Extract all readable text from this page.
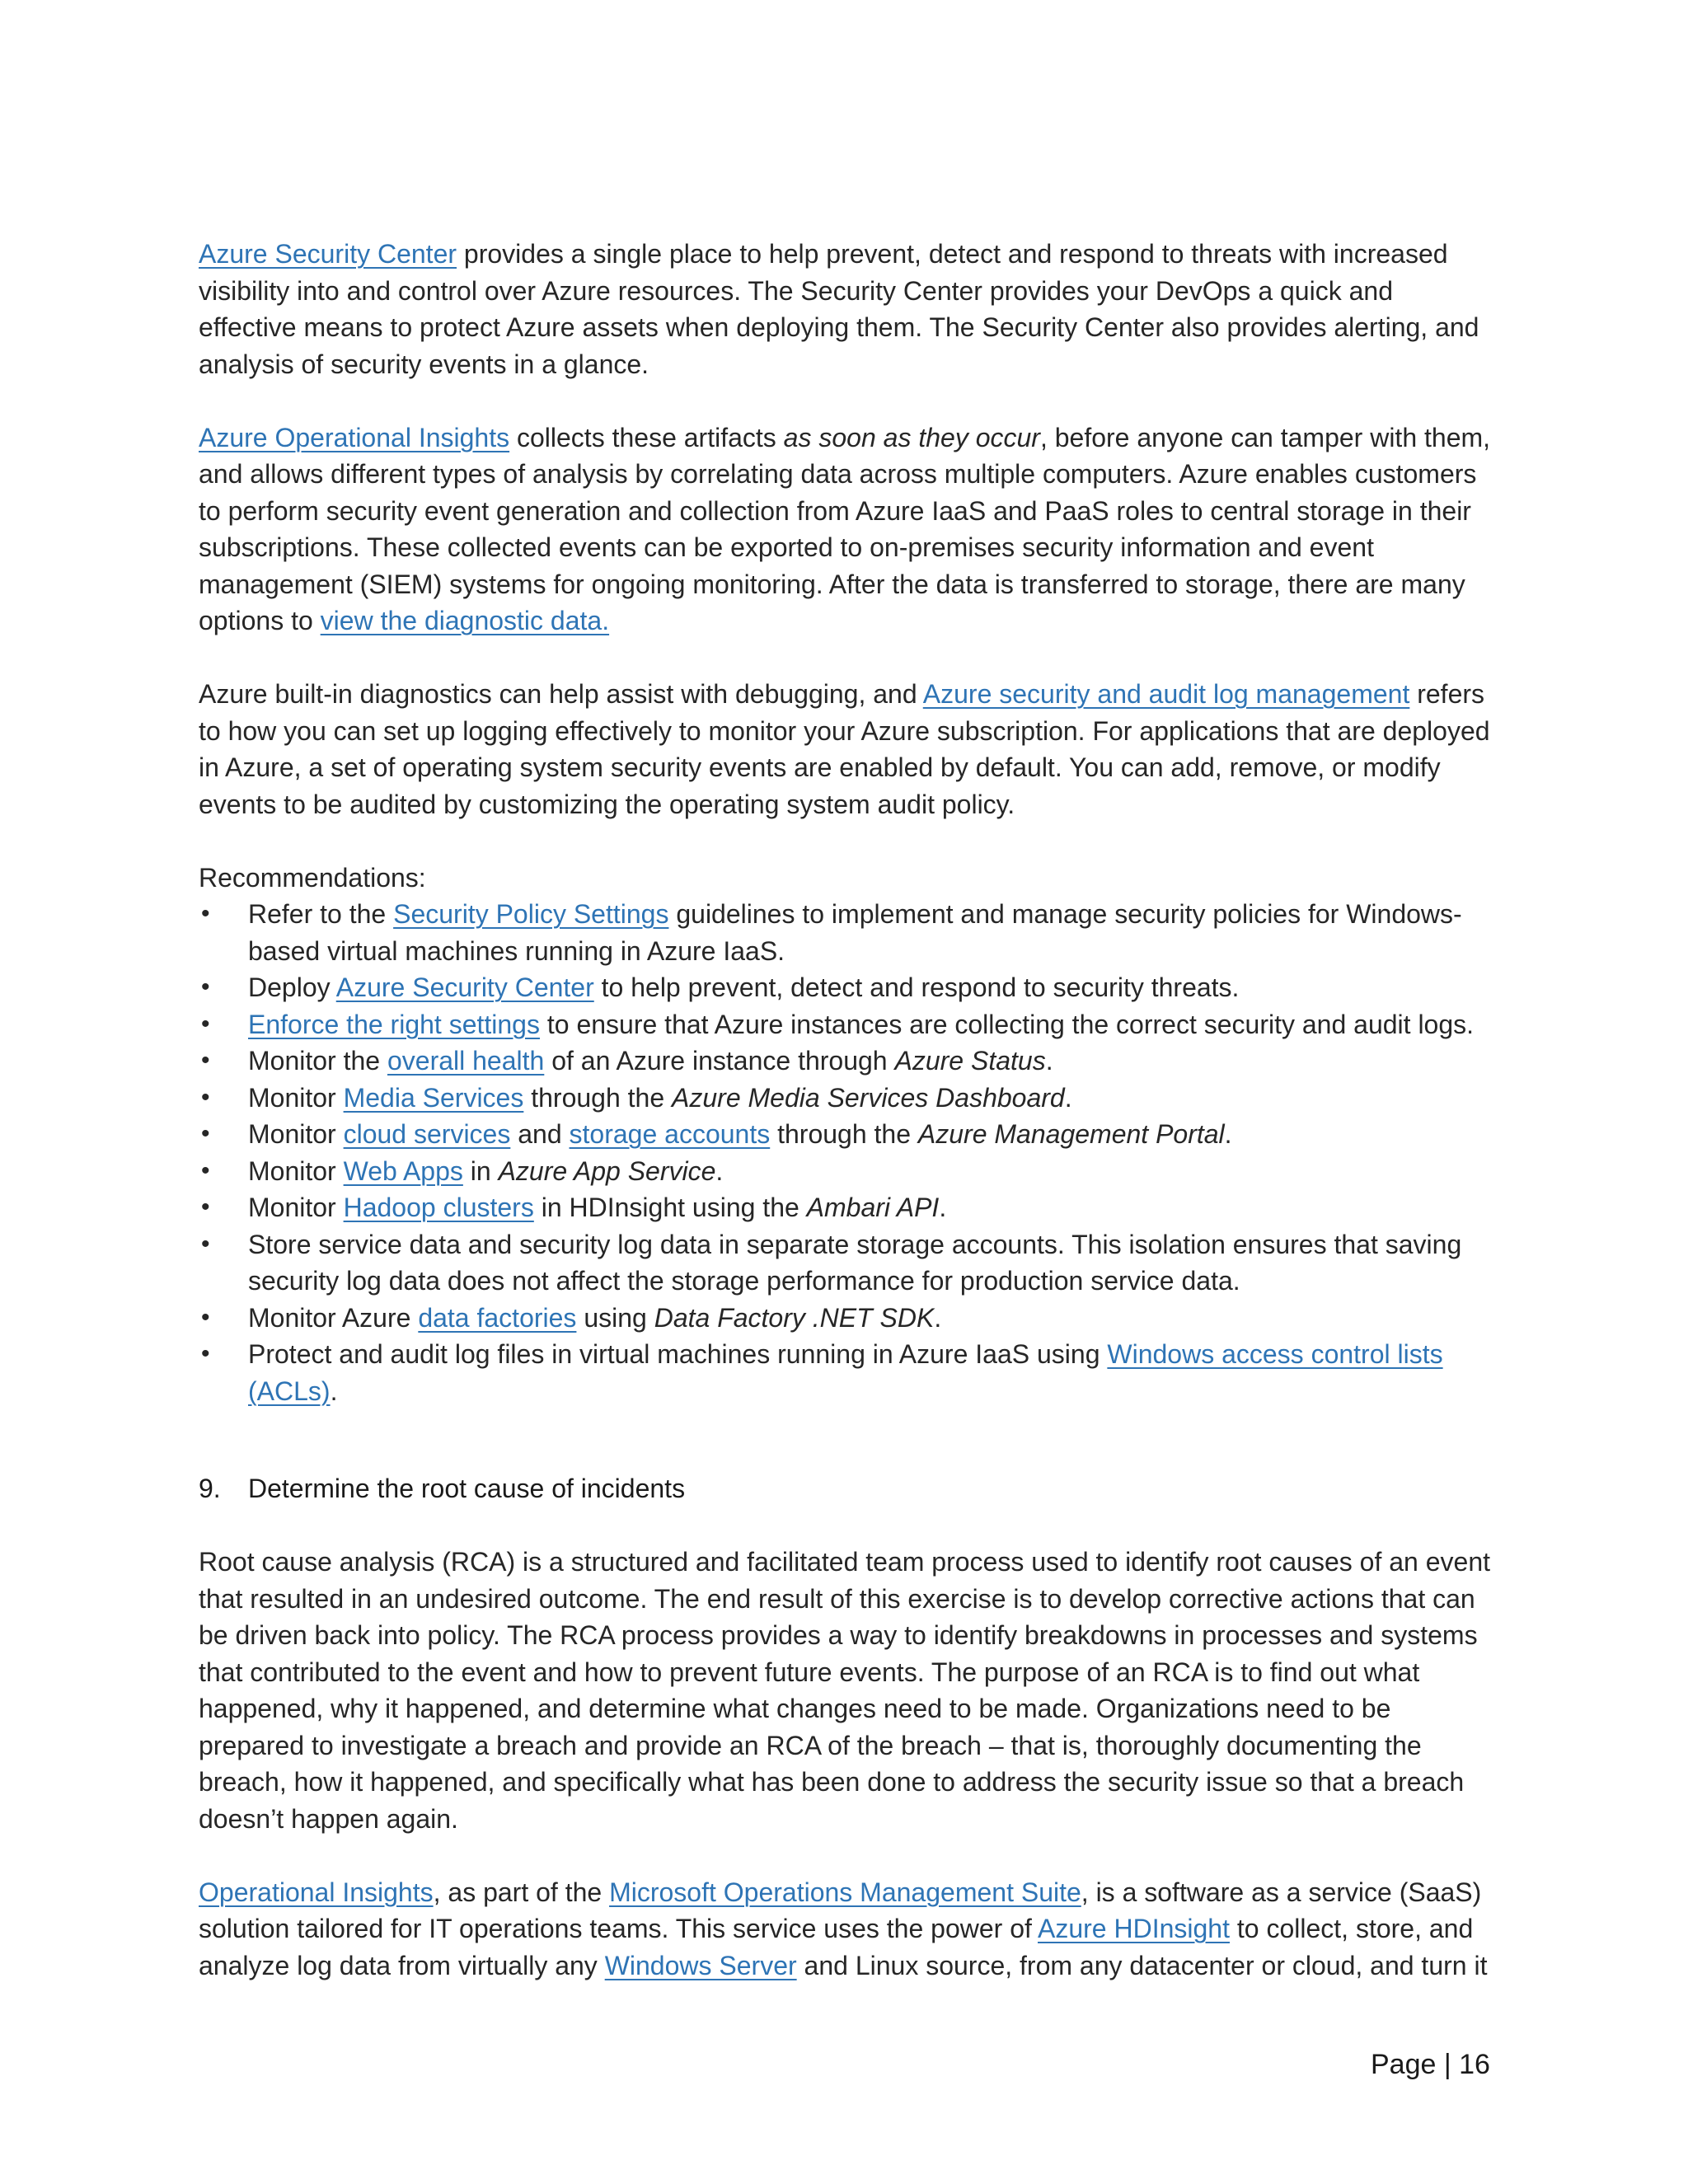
Azure Security Center provides a single place to help prevent, detect and respond to threats with increased visibility into and control over Azure resources. The Security Center provides your DevOps a quick and effective means to protect Azure assets when deploying them. The Security Center also provides alerting, and analysis of security events in a glance.

Azure Operational Insights collects these artifacts as soon as they occur, before anyone can tamper with them, and allows different types of analysis by correlating data across multiple computers. Azure enables customers to perform security event generation and collection from Azure IaaS and PaaS roles to central storage in their subscriptions. These collected events can be exported to on-premises security information and event management (SIEM) systems for ongoing monitoring. After the data is transferred to storage, there are many options to view the diagnostic data.

Azure built-in diagnostics can help assist with debugging, and Azure security and audit log management refers to how you can set up logging effectively to monitor your Azure subscription. For applications that are deployed in Azure, a set of operating system security events are enabled by default. You can add, remove, or modify events to be audited by customizing the operating system audit policy.

Recommendations:
• Refer to the Security Policy Settings guidelines to implement and manage security policies for Windows-based virtual machines running in Azure IaaS.
• Deploy Azure Security Center to help prevent, detect and respond to security threats.
• Enforce the right settings to ensure that Azure instances are collecting the correct security and audit logs.
• Monitor the overall health of an Azure instance through Azure Status.
• Monitor Media Services through the Azure Media Services Dashboard.
• Monitor cloud services and storage accounts through the Azure Management Portal.
• Monitor Web Apps in Azure App Service.
• Monitor Hadoop clusters in HDInsight using the Ambari API.
• Store service data and security log data in separate storage accounts. This isolation ensures that saving security log data does not affect the storage performance for production service data.
• Monitor Azure data factories using Data Factory .NET SDK.
• Protect and audit log files in virtual machines running in Azure IaaS using Windows access control lists (ACLs).
9.	Determine the root cause of incidents

Root cause analysis (RCA) is a structured and facilitated team process used to identify root causes of an event that resulted in an undesired outcome. The end result of this exercise is to develop corrective actions that can be driven back into policy. The RCA process provides a way to identify breakdowns in processes and systems that contributed to the event and how to prevent future events. The purpose of an RCA is to find out what happened, why it happened, and determine what changes need to be made. Organizations need to be prepared to investigate a breach and provide an RCA of the breach – that is, thoroughly documenting the breach, how it happened, and specifically what has been done to address the security issue so that a breach doesn’t happen again.

Operational Insights, as part of the Microsoft Operations Management Suite, is a software as a service (SaaS) solution tailored for IT operations teams. This service uses the power of Azure HDInsight to collect, store, and analyze log data from virtually any Windows Server and Linux source, from any datacenter or cloud, and turn it

Page | 16
